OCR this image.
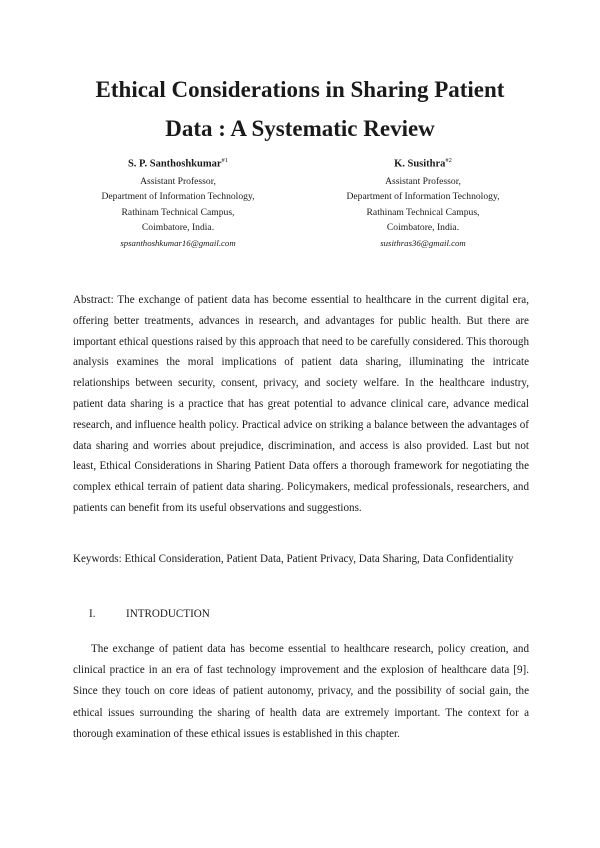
Ethical Considerations in Sharing Patient
Data : A Systematic Review
S. P. Santhoshkumar$^{\#1}$
Assistant Professor,
Department of Information Technology,
Rathinam Technical Campus,
Coimbatore, India.
spsanthoshkumar16@gmail.com
K. Susithra$^{\#2}$
Assistant Professor,
Department of Information Technology,
Rathinam Technical Campus,
Coimbatore, India.
susithras36@gmail.com
Abstract: The exchange of patient data has become essential to healthcare in the current digital era, offering better treatments, advances in research, and advantages for public health. But there are important ethical questions raised by this approach that need to be carefully considered. This thorough analysis examines the moral implications of patient data sharing, illuminating the intricate relationships between security, consent, privacy, and society welfare. In the healthcare industry, patient data sharing is a practice that has great potential to advance clinical care, advance medical research, and influence health policy. Practical advice on striking a balance between the advantages of data sharing and worries about prejudice, discrimination, and access is also provided. Last but not least, Ethical Considerations in Sharing Patient Data offers a thorough framework for negotiating the complex ethical terrain of patient data sharing. Policymakers, medical professionals, researchers, and patients can benefit from its useful observations and suggestions.
Keywords: Ethical Consideration, Patient Data, Patient Privacy, Data Sharing, Data Confidentiality
I.	INTRODUCTION
The exchange of patient data has become essential to healthcare research, policy creation, and clinical practice in an era of fast technology improvement and the explosion of healthcare data [9]. Since they touch on core ideas of patient autonomy, privacy, and the possibility of social gain, the ethical issues surrounding the sharing of health data are extremely important. The context for a thorough examination of these ethical issues is established in this chapter.
